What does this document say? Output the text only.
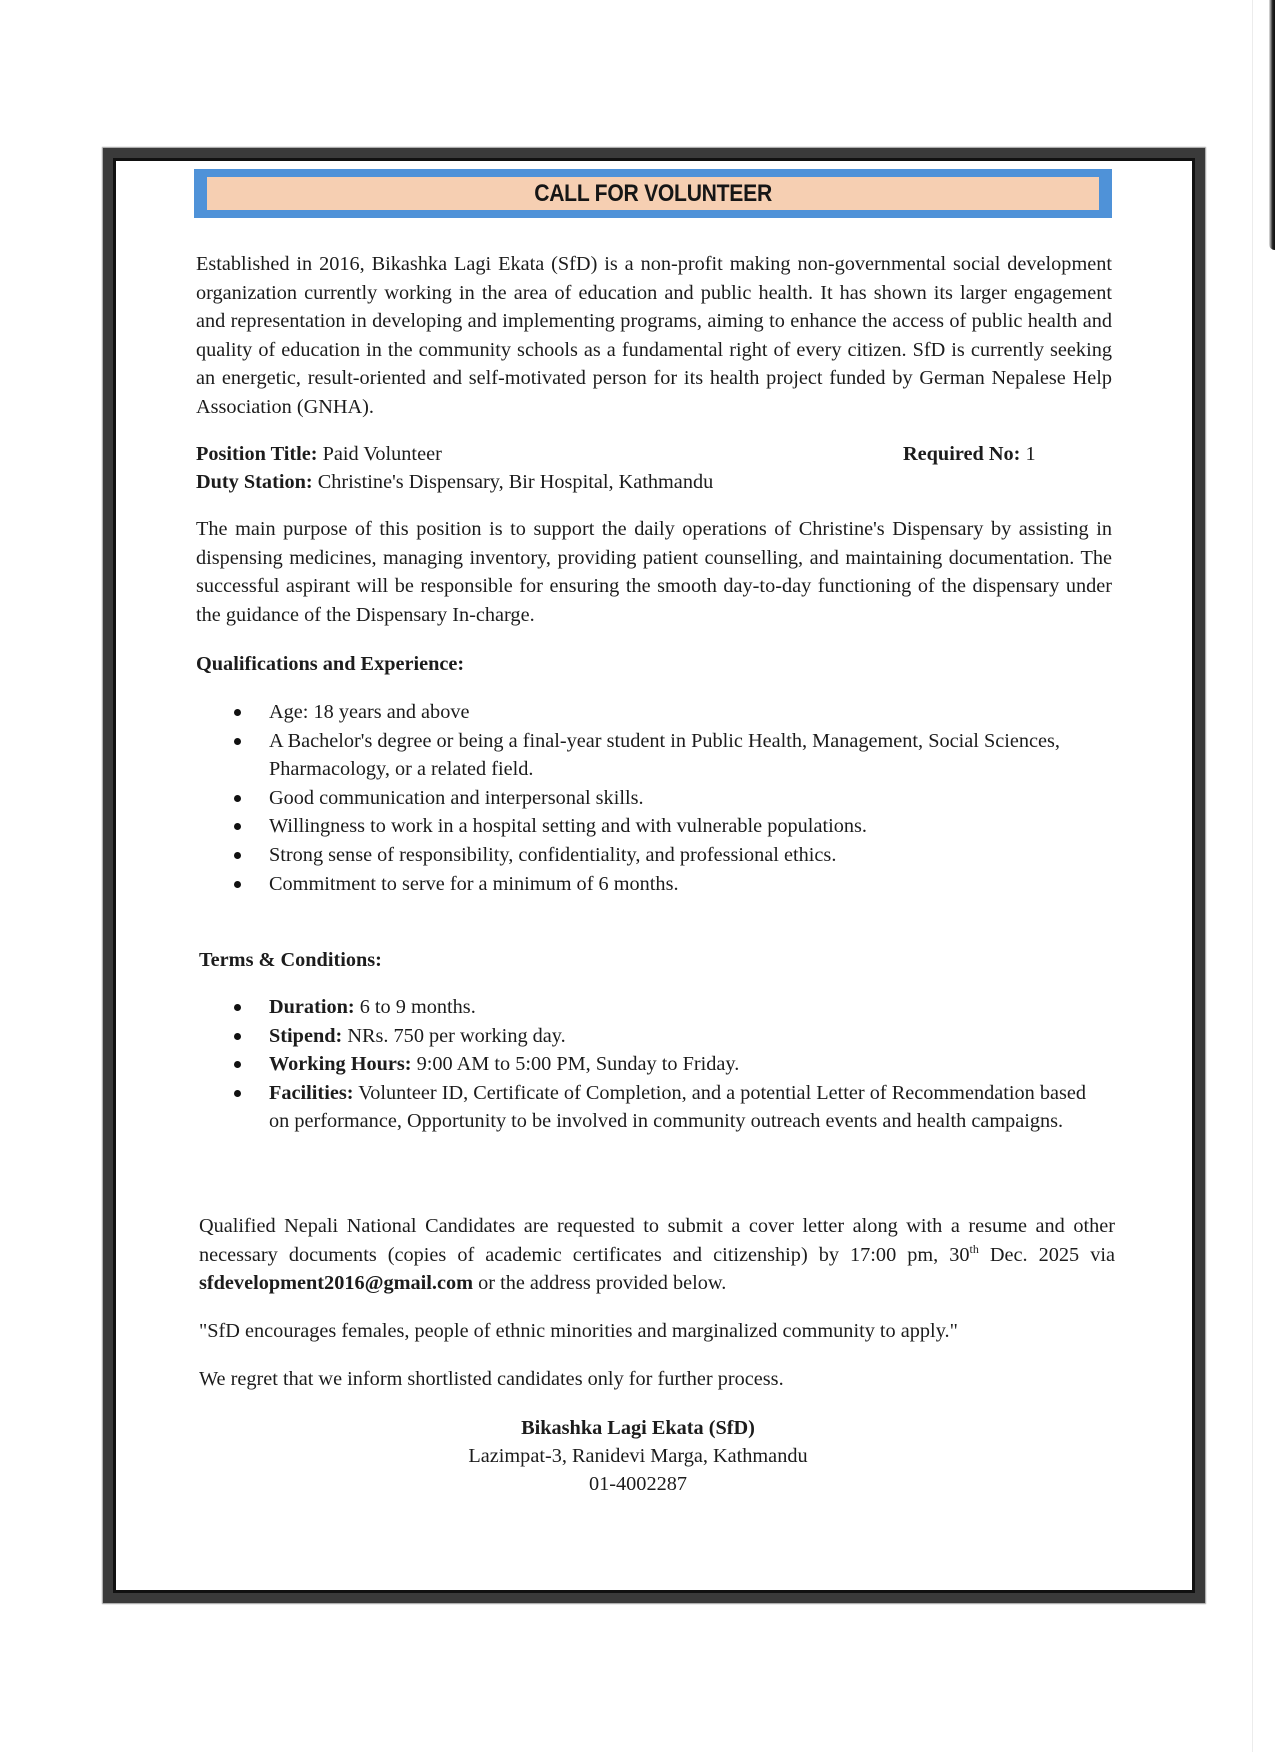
CALL FOR VOLUNTEER

Established in 2016, Bikashka Lagi Ekata (SfD) is a non-profit making non-governmental social development organization currently working in the area of education and public health. It has shown its larger engagement and representation in developing and implementing programs, aiming to enhance the access of public health and quality of education in the community schools as a fundamental right of every citizen. SfD is currently seeking an energetic, result-oriented and self-motivated person for its health project funded by German Nepalese Help Association (GNHA).

Position Title: Paid Volunteer	Required No: 1
Duty Station: Christine's Dispensary, Bir Hospital, Kathmandu

The main purpose of this position is to support the daily operations of Christine's Dispensary by assisting in dispensing medicines, managing inventory, providing patient counselling, and maintaining documentation. The successful aspirant will be responsible for ensuring the smooth day-to-day functioning of the dispensary under the guidance of the Dispensary In-charge.

Qualifications and Experience:
Age: 18 years and above
A Bachelor's degree or being a final-year student in Public Health, Management, Social Sciences, Pharmacology, or a related field.
Good communication and interpersonal skills.
Willingness to work in a hospital setting and with vulnerable populations.
Strong sense of responsibility, confidentiality, and professional ethics.
Commitment to serve for a minimum of 6 months.
Terms & Conditions:
Duration: 6 to 9 months.
Stipend: NRs. 750 per working day.
Working Hours: 9:00 AM to 5:00 PM, Sunday to Friday.
Facilities: Volunteer ID, Certificate of Completion, and a potential Letter of Recommendation based on performance, Opportunity to be involved in community outreach events and health campaigns.

Qualified Nepali National Candidates are requested to submit a cover letter along with a resume and other necessary documents (copies of academic certificates and citizenship) by 17:00 pm, 30th Dec. 2025 via sfdevelopment2016@gmail.com or the address provided below.

"SfD encourages females, people of ethnic minorities and marginalized community to apply."
We regret that we inform shortlisted candidates only for further process.
Bikashka Lagi Ekata (SfD)
Lazimpat-3, Ranidevi Marga, Kathmandu
01-4002287
